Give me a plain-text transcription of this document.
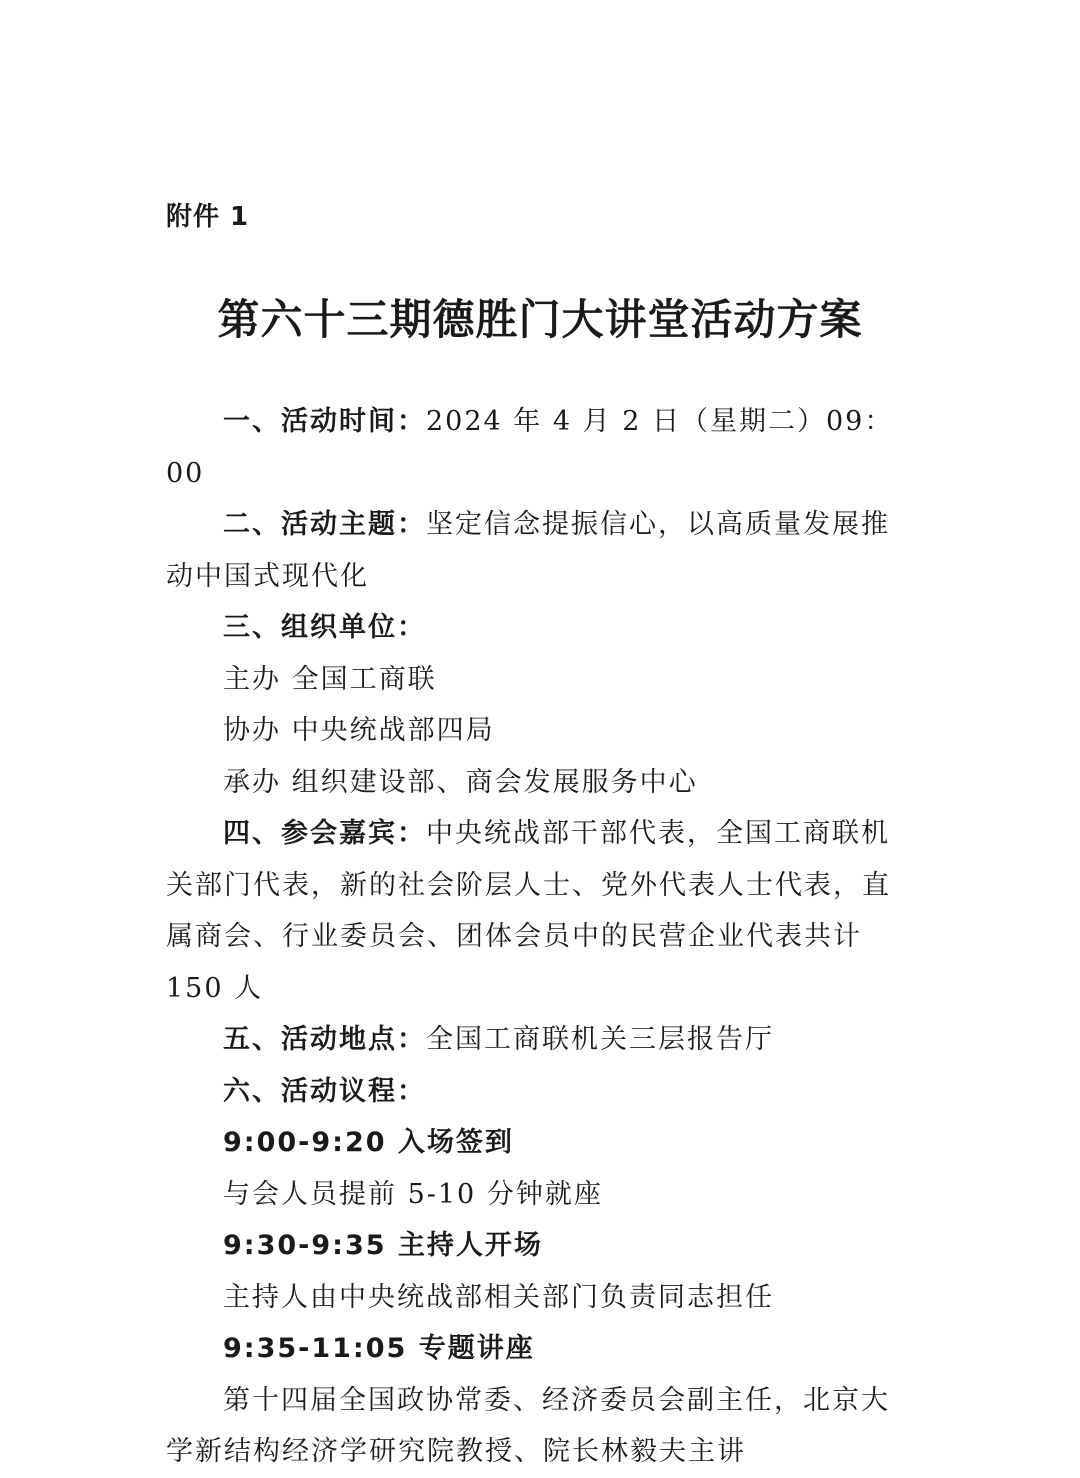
附件 1
第六十三期德胜门大讲堂活动方案

一、活动时间：2024 年 4 月 2 日（星期二）09：00

二、活动主题：坚定信念提振信心，以高质量发展推动中国式现代化

三、组织单位：

主办 全国工商联

协办 中央统战部四局

承办 组织建设部、商会发展服务中心

四、参会嘉宾：中央统战部干部代表，全国工商联机关部门代表，新的社会阶层人士、党外代表人士代表，直属商会、行业委员会、团体会员中的民营企业代表共计 150 人

五、活动地点：全国工商联机关三层报告厅

六、活动议程：

9:00-9:20 入场签到

与会人员提前 5-10 分钟就座

9:30-9:35 主持人开场

主持人由中央统战部相关部门负责同志担任

9:35-11:05 专题讲座

第十四届全国政协常委、经济委员会副主任，北京大学新结构经济学研究院教授、院长林毅夫主讲
